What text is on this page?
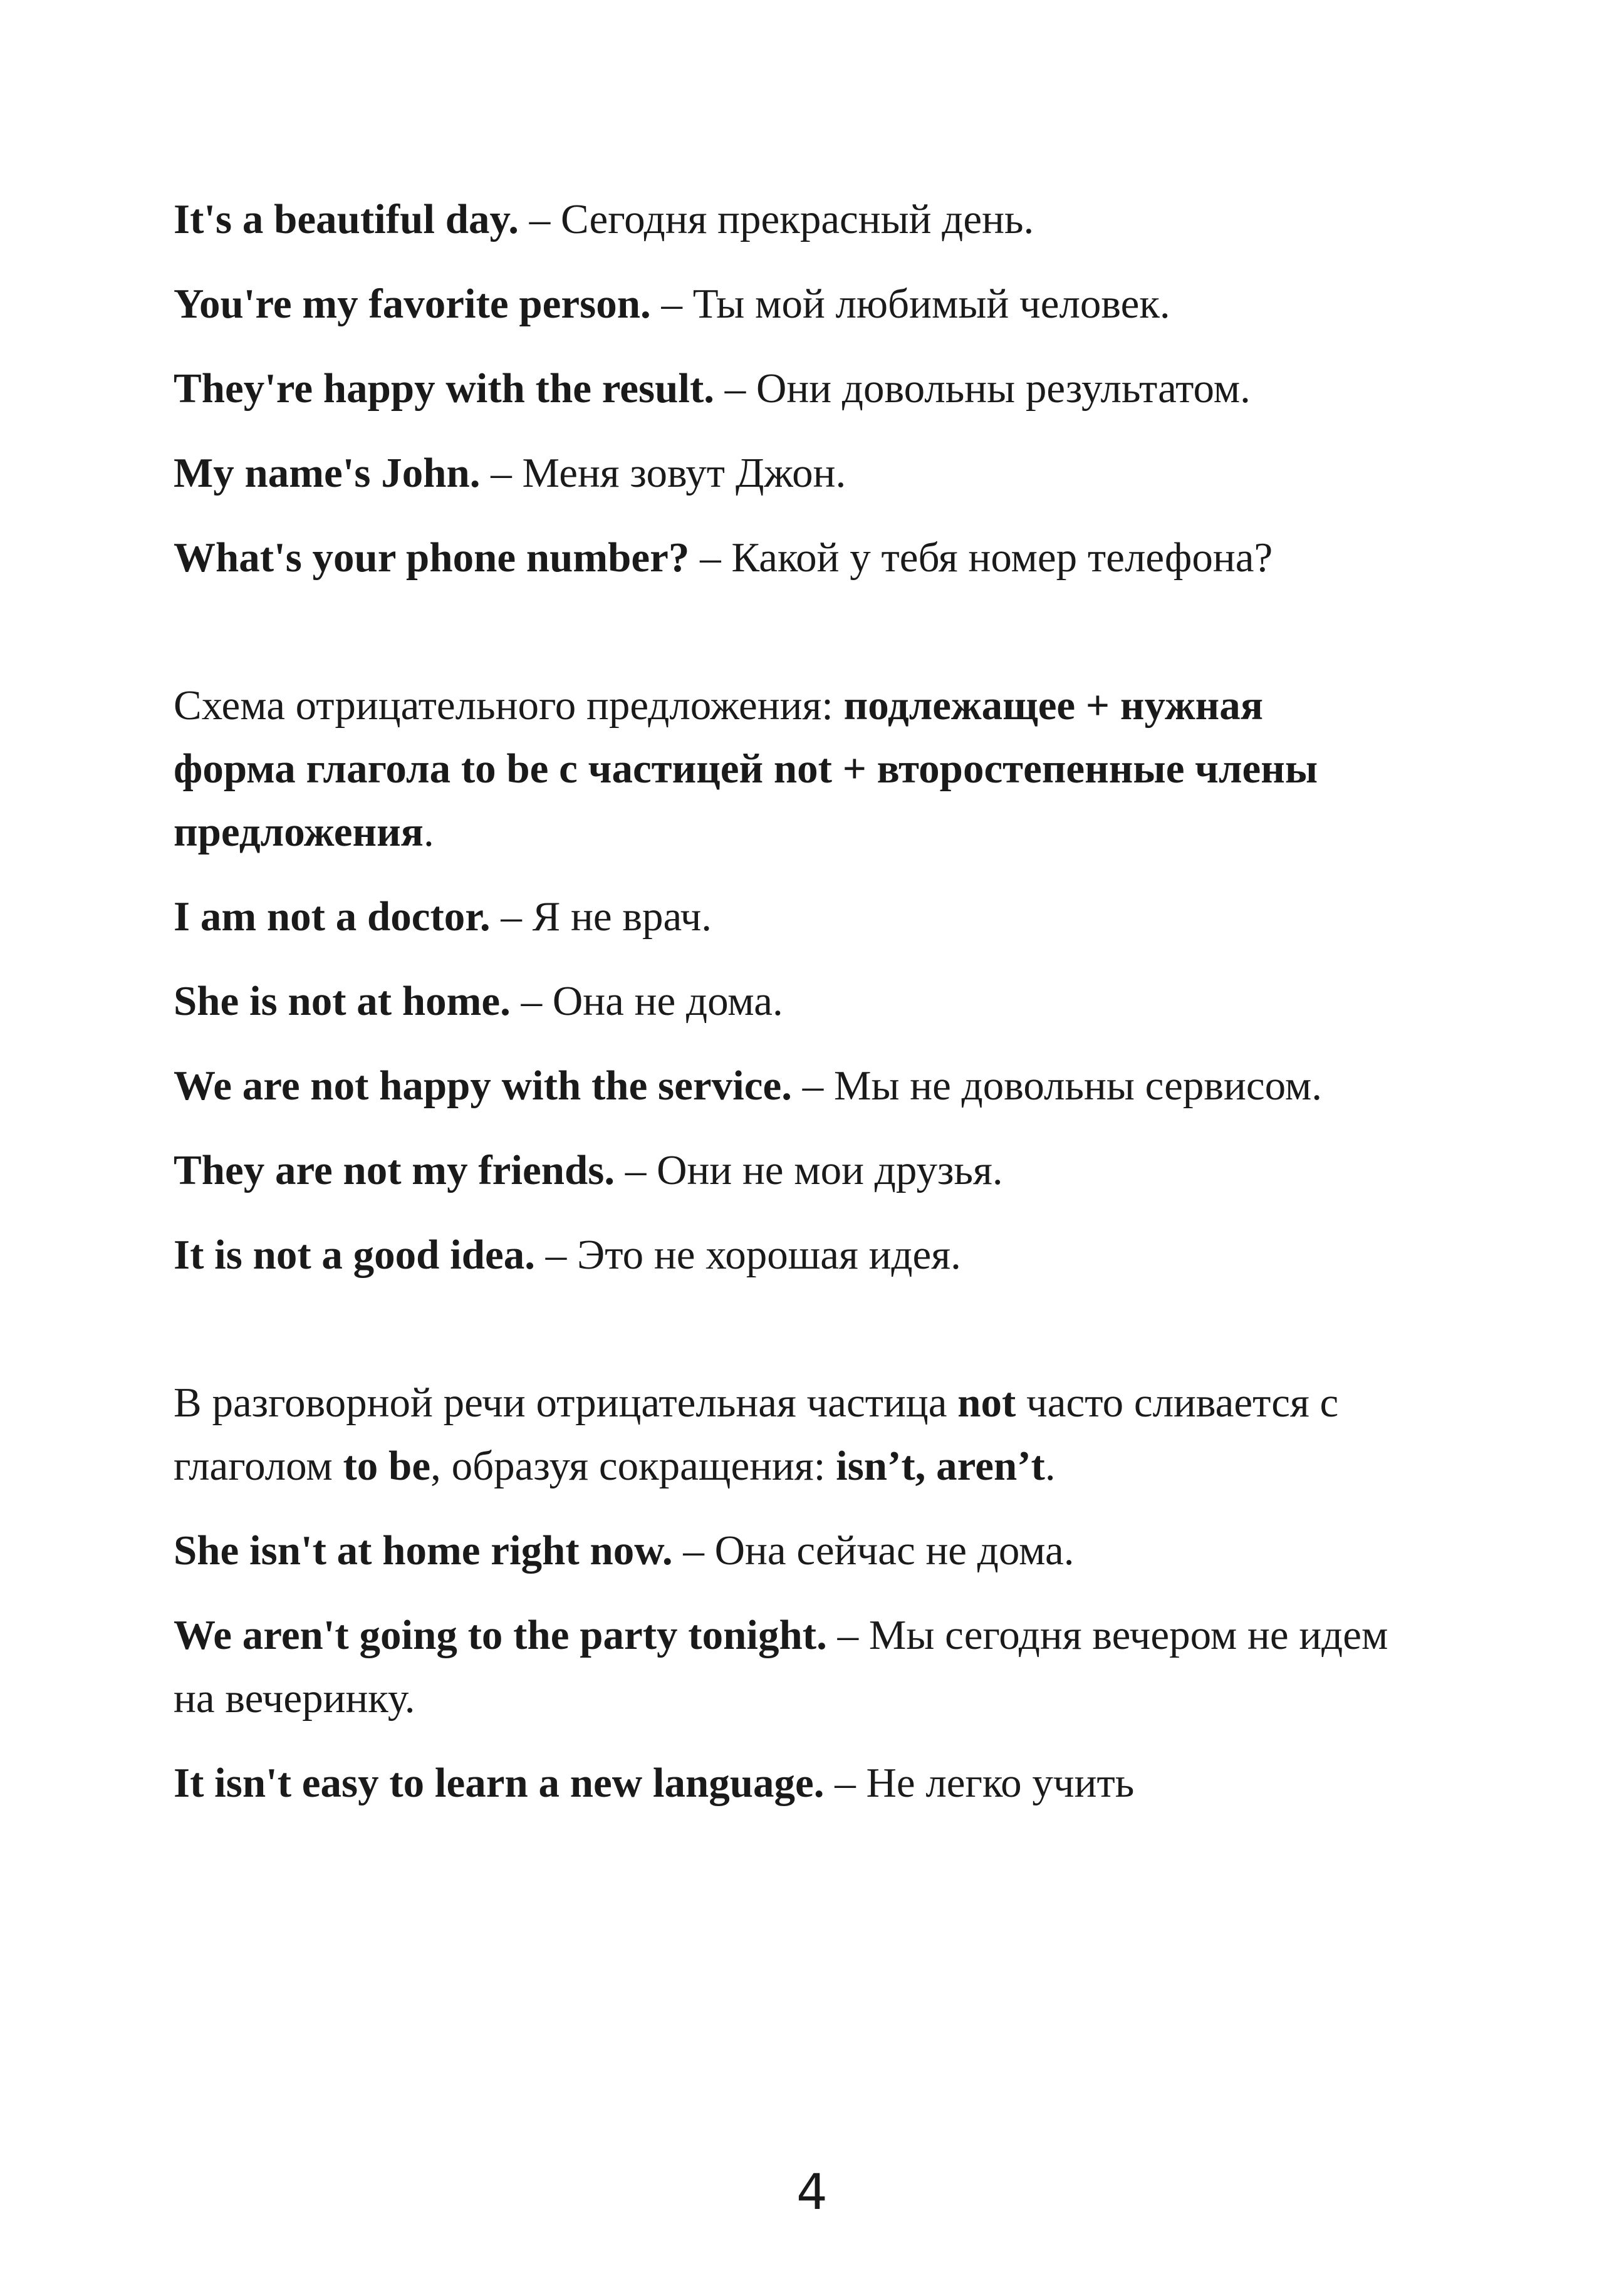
It's a beautiful day. – Сегодня прекрасный день.

You're my favorite person. – Ты мой любимый человек.

They're happy with the result. – Они довольны результатом.

My name's John. – Меня зовут Джон.

What's your phone number? – Какой у тебя номер телефона?

Схема отрицательного предложения: подлежащее + нужная форма глагола to be с частицей not + второстепенные члены предложения.

I am not a doctor. – Я не врач.

She is not at home. – Она не дома.

We are not happy with the service. – Мы не довольны сервисом.

They are not my friends. – Они не мои друзья.

It is not a good idea. – Это не хорошая идея.

В разговорной речи отрицательная частица not часто сливается с глаголом to be, образуя сокращения: isn’t, aren’t.

She isn't at home right now. – Она сейчас не дома.

We aren't going to the party tonight. – Мы сегодня вечером не идем на вечеринку.

It isn't easy to learn a new language. – Не легко учить

4
